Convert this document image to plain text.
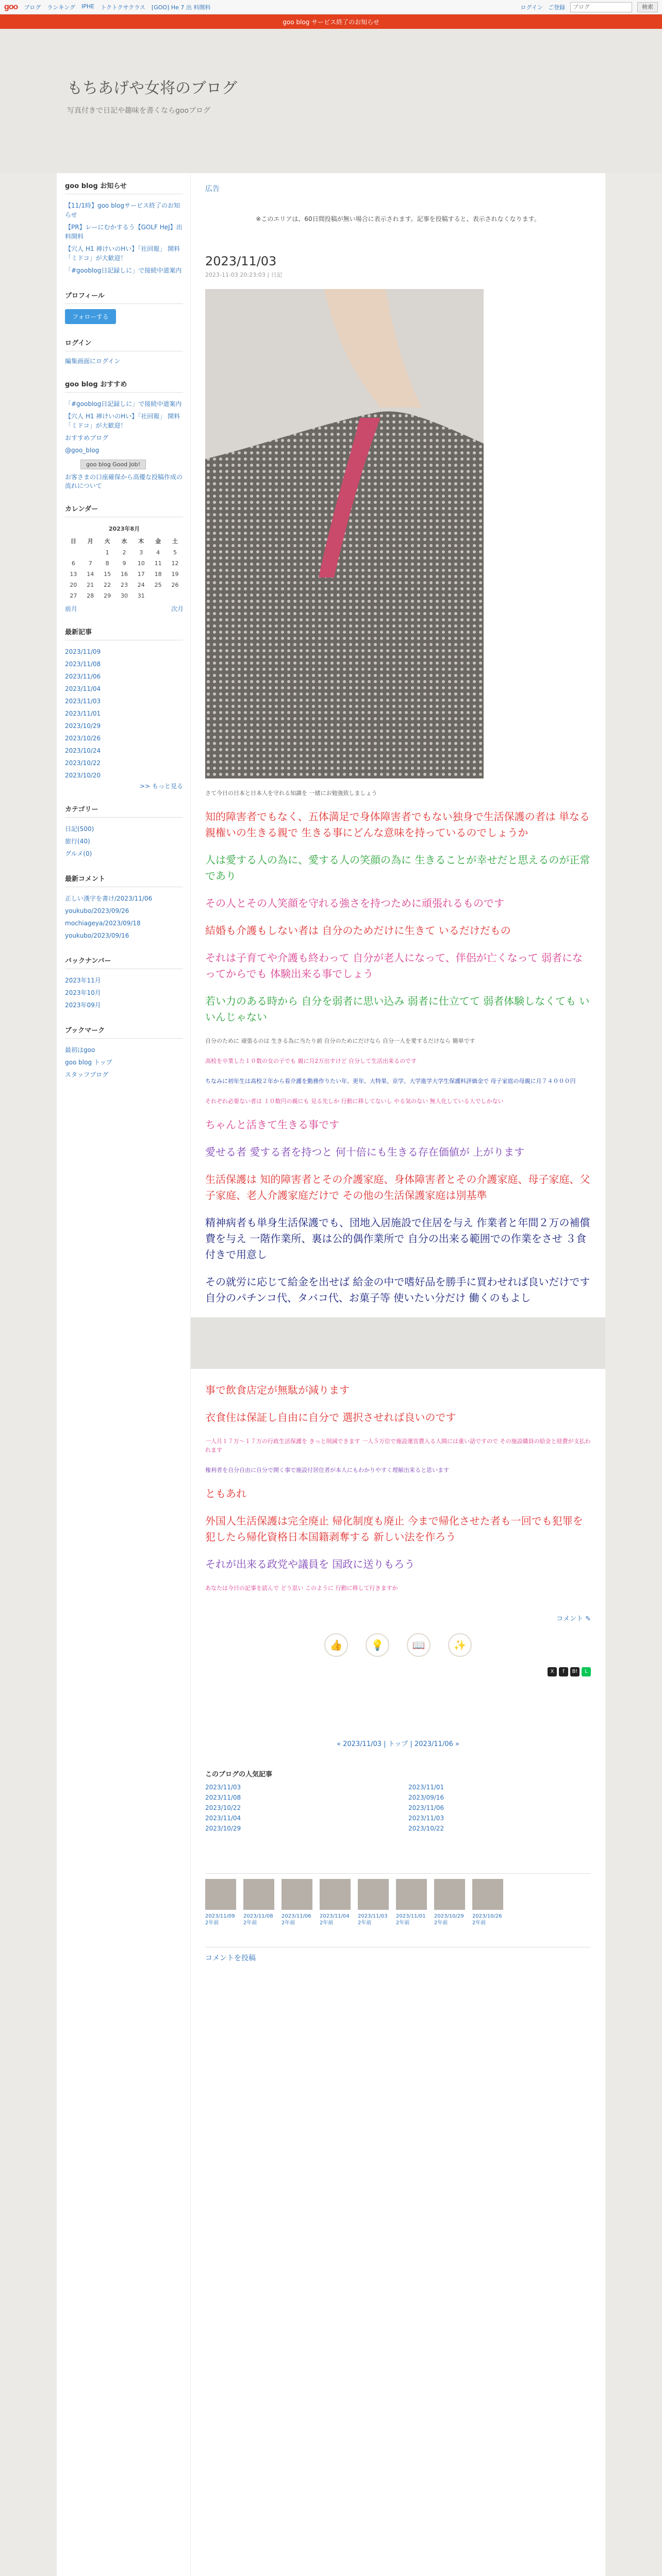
goo ブログ ランキング IPHE トクトクサクラス [GOO] He 7 出 料開料	ログイン ご登録
ブログ	検索
goo blog サービス終了のお知らせ
もちあげや女将のブログ

写真付きで日記や趣味を書くならgooブログ

goo blog お知らせ
【11/1時】goo blogサービス終了のお知らせ
【PR】レーにむかするう【GOLF HeJ】出 料開料
【穴人 H1 禅けいのHい】「社回報」 開料「ミドコ」が大歓迎！
「#gooblog日記録しに」で接続中道案内
プロフィール
フォローする
ログイン
編集画面にログイン
goo blog おすすめ
「#gooblog日記録しに」で接続中道案内
【穴人 H1 禅けいのHい】「社回報」 開料「ミドコ」が大歓迎！
おすすめブログ
@goo_blog
goo blog Good Job!

お客さまの口座確保から高優な投稿作成の流れについて

カレンダー
2023年8月						
日	月	火	水	木	金	土
		1	2	3	4	5
6	7	8	9	10	11	12
13	14	15	16	17	18	19
20	21	22	23	24	25	26
27	28	29	30	31		
前月	次月
最新記事
2023/11/09
2023/11/08
2023/11/06
2023/11/04
2023/11/03
2023/11/01
2023/10/29
2023/10/26
2023/10/24
2023/10/22
2023/10/20

>> もっと見る

カテゴリー
日記(500)
旅行(40)
グルメ(0)
最新コメント
正しい漢字を書け/2023/11/06
youkubo/2023/09/26
mochiageya/2023/09/18
youkubo/2023/09/16
バックナンバー
2023年11月
2023年10月
2023年09月
ブックマーク
最初はgoo
goo blog トップ
スタッフブログ
広告

※このエリアは、60日間投稿が無い場合に表示されます。記事を投稿すると、表示されなくなります。

2023/11/03
2023-11-03 20:23:03 | 日記

さて今日の日本と日本人を守れる知識を 一緒にお勉強致しましょう

知的障害者でもなく、五体満足で身体障害者でもない独身で生活保護の者は 単なる親権いの生きる親で 生きる事にどんな意味を持っているのでしょうか

人は愛する人の為に、愛する人の笑顔の為に 生きることが幸せだと思えるのが正常であり

その人とその人笑顔を守れる強さを持つために頑張れるものです

結婚も介護もしない者は 自分のためだけに生きて いるだけだもの

それは子育てや介護も終わって 自分が老人になって、伴侶が亡くなって 弱者になってからでも 体験出来る事でしょう

若い力のある時から 自分を弱者に思い込み 弱者に仕立てて 弱者体験しなくても いいんじゃない

自分のために 頑張るのは 生きる為に当たり前 自分のためにだけなら 自分一人を愛するだけなら 簡単です

高校を卒業した１０数の女の子でも 親に月2万出すけど 自分して生活出来るのです

ちなみに初年生は高校２年から看介護を勤務作りたい年、更年、大特果、京学、大学進学大学生保護料評価金で 母子家庭の母親に月７４０００円

それぞれ必要ない者は １０数円の親にも 見る先しか 行動に移してないし やる気のない 無人化している人でしかない

ちゃんと活きて生きる事です

愛せる者 愛する者を持つと 何十倍にも生きる存在価値が 上がります

生活保護は 知的障害者とその介護家庭、身体障害者とその介護家庭、母子家庭、父子家庭、老人介護家庭だけで その他の生活保護家庭は別基準

精神病者も単身生活保護でも、団地入居施設で住居を与え 作業者と年間２万の補償費を与え 一階作業所、裏は公的偶作業所で 自分の出来る範囲での作業をさせ ３食付きで用意し

その就労に応じて給金を出せば 給金の中で嗜好品を勝手に買わせれば良いだけです 自分のパチンコ代、タバコ代、お菓子等 使いたい分だけ 働くのもよし

事で飲食店定が無駄が減ります

衣食住は保証し自由に自分で 選択させれば良いのです

一人月１７万〜１７万の行政生活保護を きっと削減できます 一人５万位で施設運営費入る人間には重い話ですので その施設職員の給金と経費が支払われます

権利者を自分自由に自分で開く事で施設付居住者が本人にもわかりやすく理解出来ると思います

ともあれ

外国人生活保護は完全廃止 帰化制度も廃止 今まで帰化させた者も一回でも犯罪を犯したら帰化資格日本国籍剥奪する 新しい法を作ろう

それが出来る政党や議員を 国政に送りもろう

あなたは今日の記事を読んで どう思い このように 行動に移して行きますか

コメント ✎
👍	💡	📖	✨
X f B! L
« 2023/11/03 | トップ | 2023/11/06 »
このブログの人気記事
2023/11/03	2023/11/01
2023/11/08	2023/09/16
2023/10/22	2023/11/06
2023/11/04	2023/11/03
2023/10/29	2023/10/22
2023/11/09 2年前
2023/11/08 2年前
2023/11/06 2年前
2023/11/04 2年前
2023/11/03 2年前
2023/11/01 2年前
2023/10/29 2年前
2023/10/26 2年前
コメントを投稿
